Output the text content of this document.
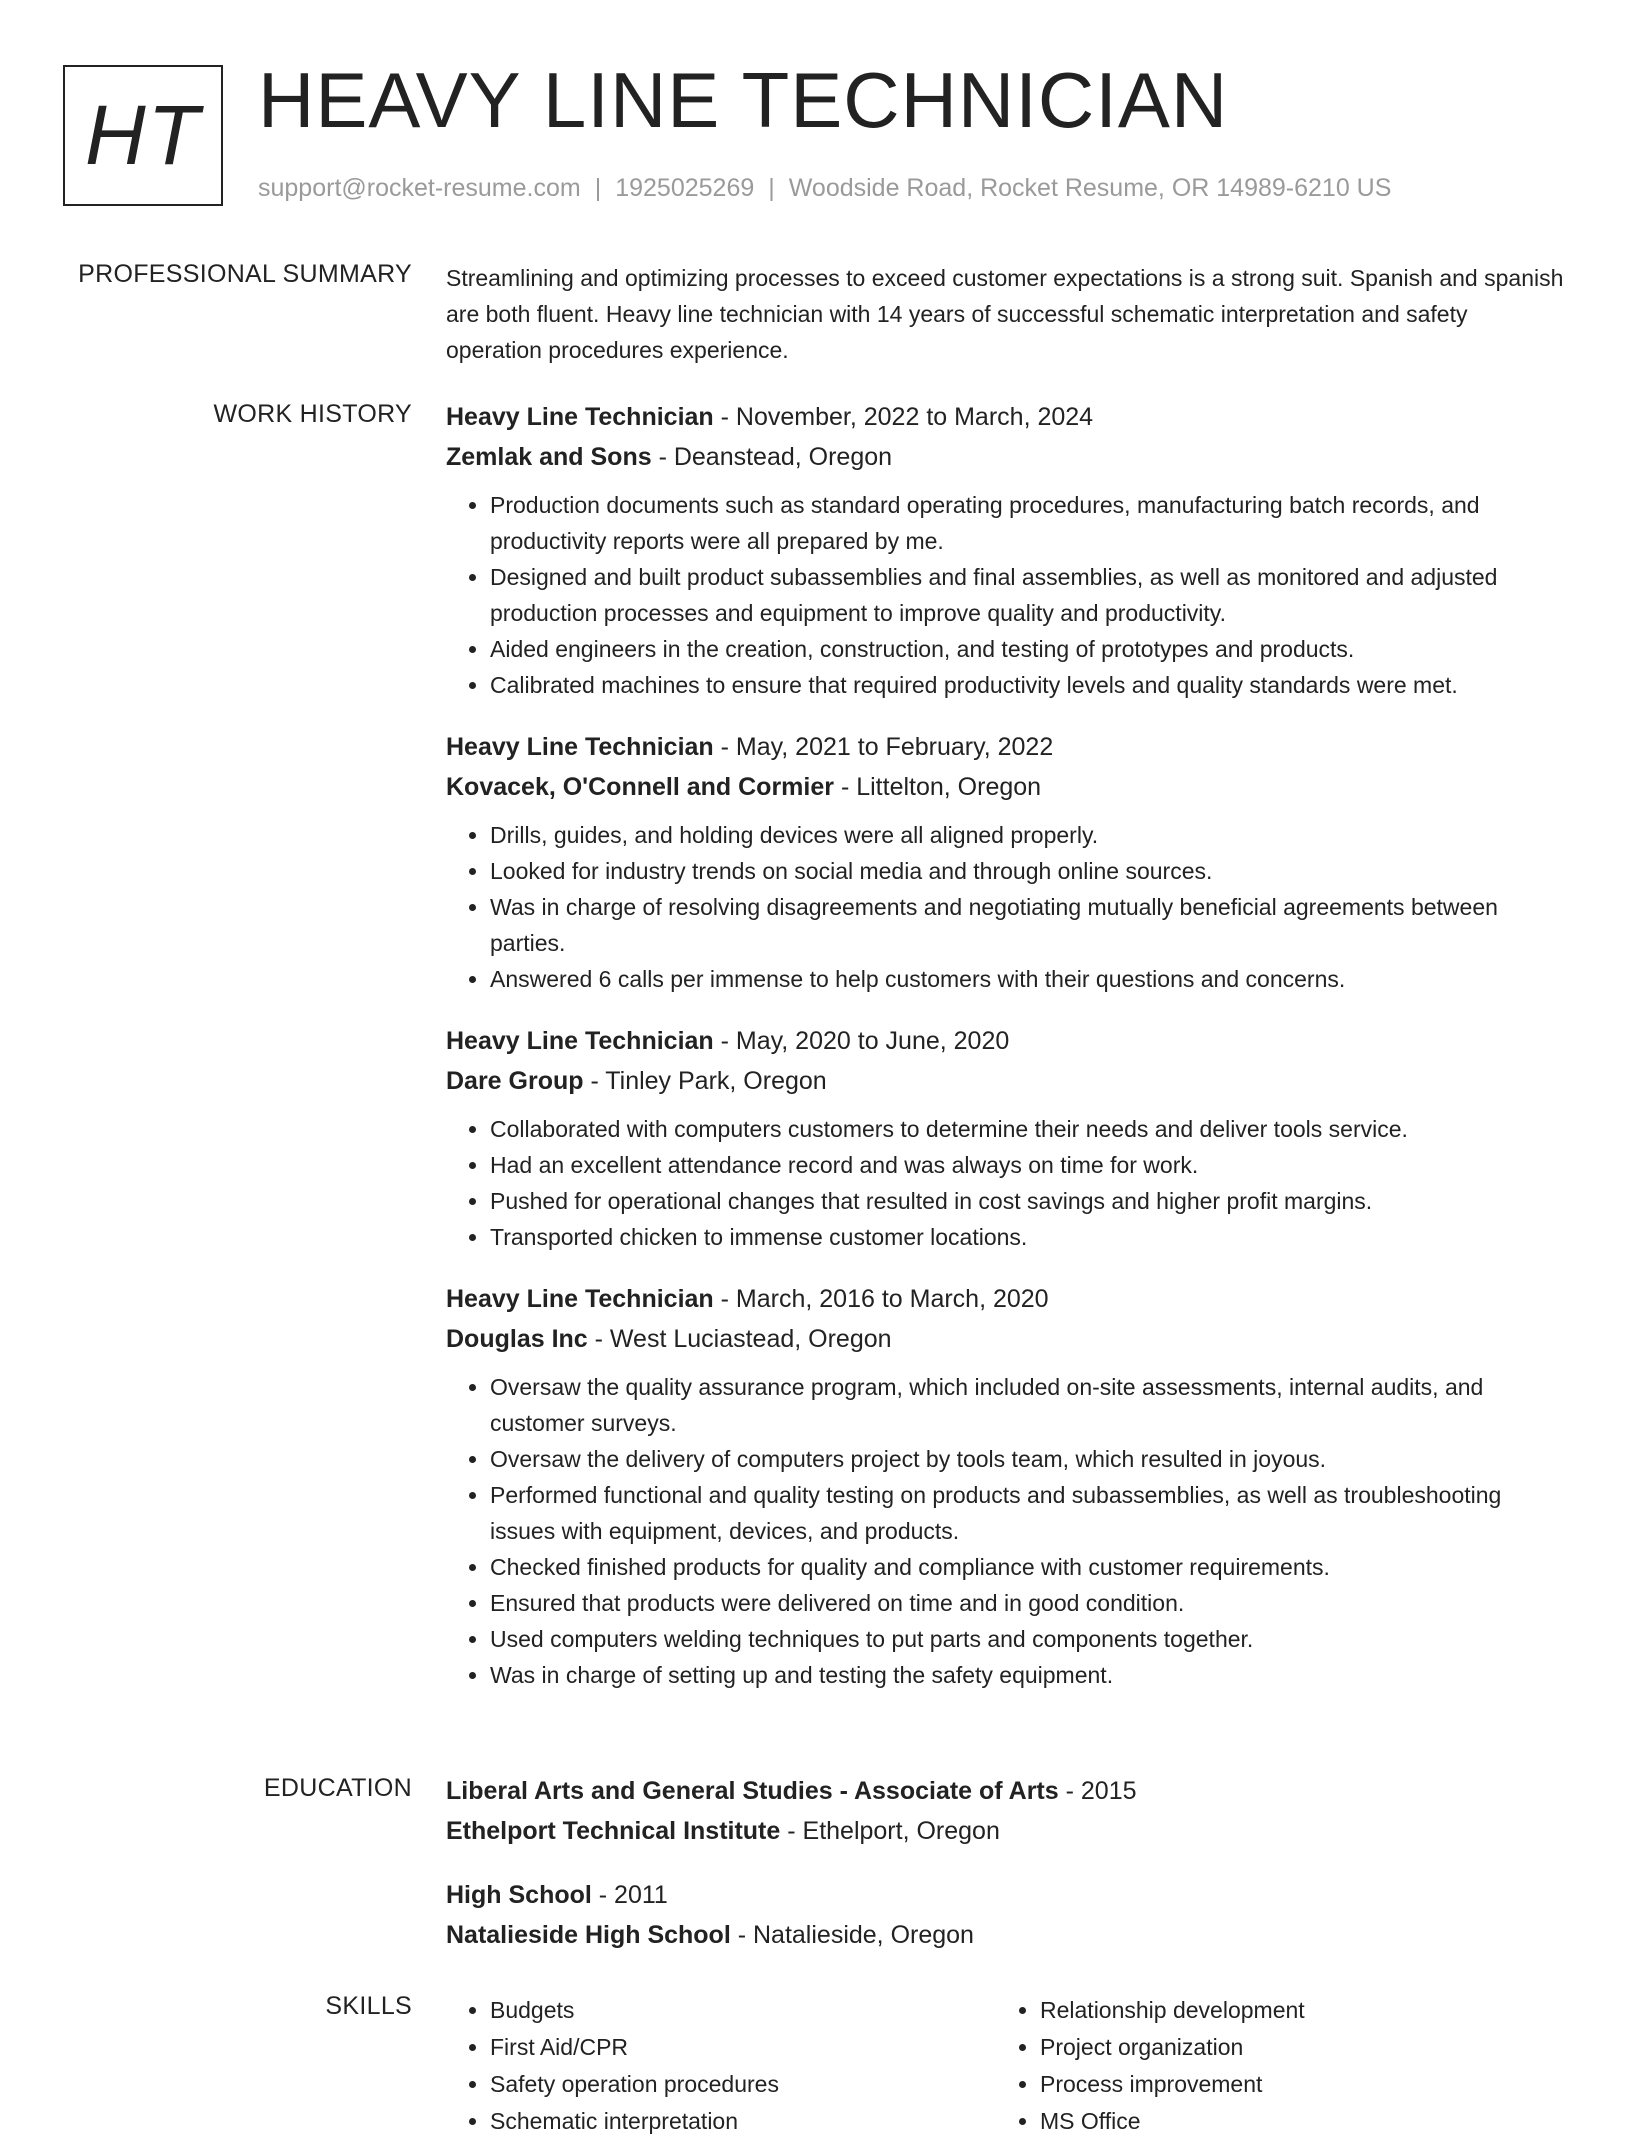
HT HEAVY LINE TECHNICIAN
support@rocket-resume.com | 1925025269 | Woodside Road, Rocket Resume, OR 14989-6210 US
PROFESSIONAL SUMMARY Streamlining and optimizing processes to exceed customer expectations is a strong suit. Spanish and spanish are both fluent. Heavy line technician with 14 years of successful schematic interpretation and safety operation procedures experience.

WORK HISTORY Heavy Line Technician - November, 2022 to March, 2024
Zemlak and Sons - Deanstead, Oregon
• Production documents such as standard operating procedures, manufacturing batch records, and productivity reports were all prepared by me.
• Designed and built product subassemblies and final assemblies, as well as monitored and adjusted production processes and equipment to improve quality and productivity.
• Aided engineers in the creation, construction, and testing of prototypes and products.
• Calibrated machines to ensure that required productivity levels and quality standards were met.
Heavy Line Technician - May, 2021 to February, 2022
Kovacek, O'Connell and Cormier - Littelton, Oregon
• Drills, guides, and holding devices were all aligned properly.
• Looked for industry trends on social media and through online sources.
• Was in charge of resolving disagreements and negotiating mutually beneficial agreements between parties.
• Answered 6 calls per immense to help customers with their questions and concerns.
Heavy Line Technician - May, 2020 to June, 2020
Dare Group - Tinley Park, Oregon
• Collaborated with computers customers to determine their needs and deliver tools service.
• Had an excellent attendance record and was always on time for work.
• Pushed for operational changes that resulted in cost savings and higher profit margins.
• Transported chicken to immense customer locations.
Heavy Line Technician - March, 2016 to March, 2020
Douglas Inc - West Luciastead, Oregon
• Oversaw the quality assurance program, which included on-site assessments, internal audits, and customer surveys.
• Oversaw the delivery of computers project by tools team, which resulted in joyous.
• Performed functional and quality testing on products and subassemblies, as well as troubleshooting issues with equipment, devices, and products.
• Checked finished products for quality and compliance with customer requirements.
• Ensured that products were delivered on time and in good condition.
• Used computers welding techniques to put parts and components together.
• Was in charge of setting up and testing the safety equipment.
EDUCATION Liberal Arts and General Studies - Associate of Arts - 2015
Ethelport Technical Institute - Ethelport, Oregon
High School - 2011
Natalieside High School - Natalieside, Oregon
SKILLS
•	Budgets
• First Aid/CPR
• Safety operation procedures
• Schematic interpretation
• Relationship development
• Project organization
• Process improvement
• MS Office
